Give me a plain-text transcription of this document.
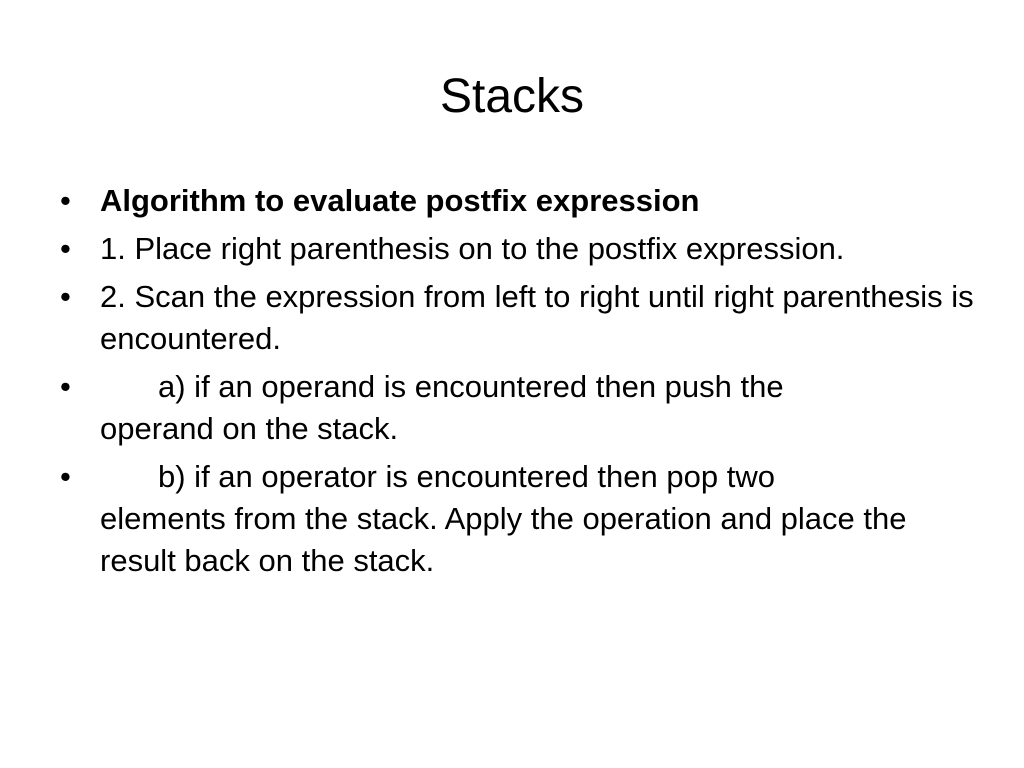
Stacks
• Algorithm to evaluate postfix expression
• 1. Place right parenthesis on to the postfix expression.
• 2. Scan the expression from left to right until right parenthesis is encountered.
•	a) if an operand is encountered then push the
operand on the stack.
•	b) if an operator is encountered then pop two
elements from the stack. Apply the operation and place the result back on the stack.
